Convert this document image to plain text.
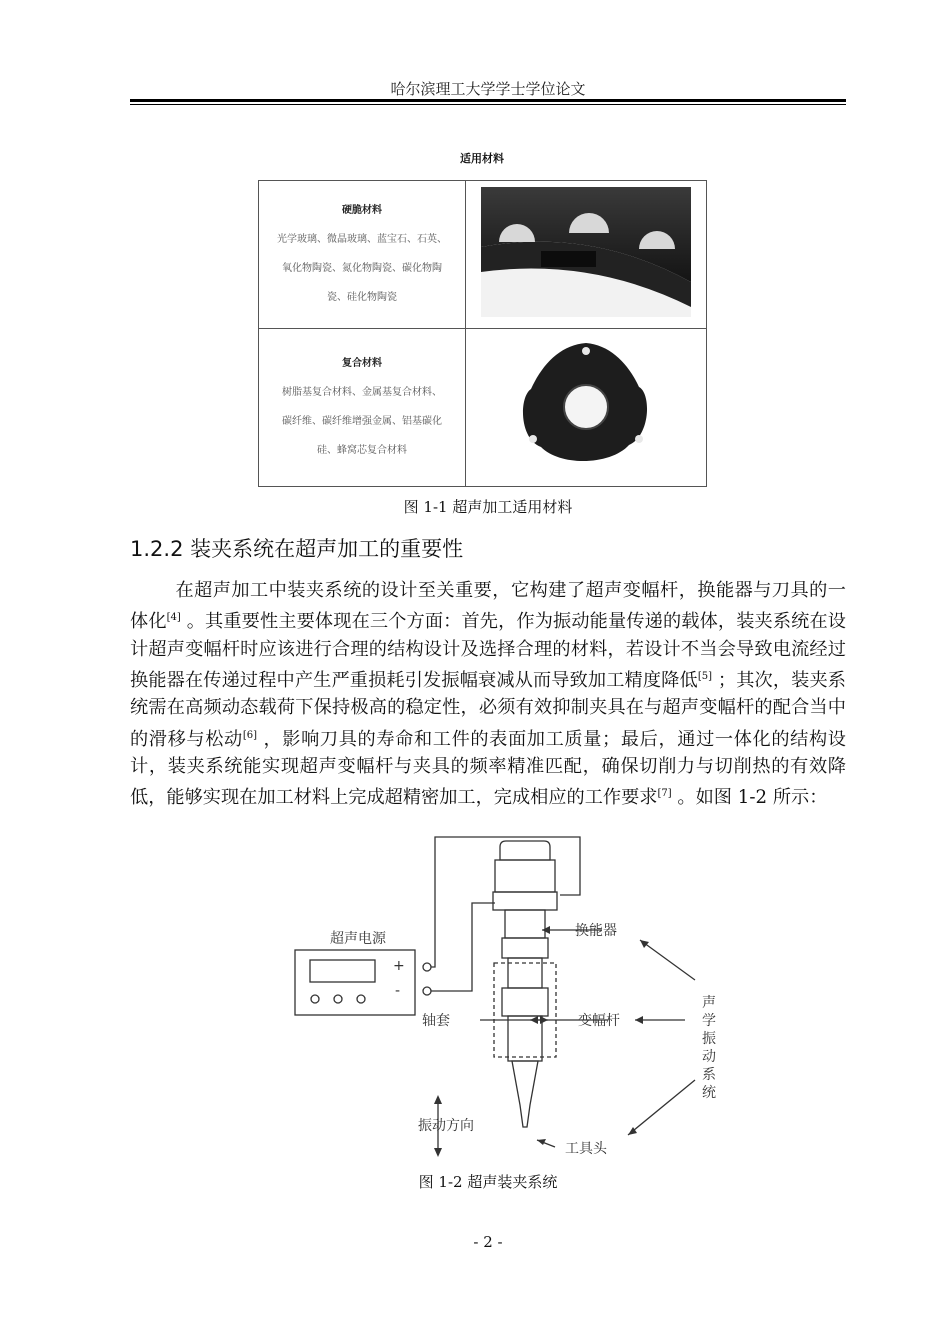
哈尔滨理工大学学士学位论文
适用材料
硬脆材料
光学玻璃、微晶玻璃、蓝宝石、石英、
氧化物陶瓷、氮化物陶瓷、碳化物陶
瓷、硅化物陶瓷

复合材料
树脂基复合材料、金属基复合材料、
碳纤维、碳纤维增强金属、铝基碳化
硅、蜂窝芯复合材料

图 1-1 超声加工适用材料
1.2.2 装夹系统在超声加工的重要性
在超声加工中装夹系统的设计至关重要，它构建了超声变幅杆，换能器与刀具的一体化[4] 。其重要性主要体现在三个方面：首先，作为振动能量传递的载体，装夹系统在设计超声变幅杆时应该进行合理的结构设计及选择合理的材料，若设计不当会导致电流经过换能器在传递过程中产生严重损耗引发振幅衰减从而导致加工精度降低[5] ；其次，装夹系统需在高频动态载荷下保持极高的稳定性，必须有效抑制夹具在与超声变幅杆的配合当中的滑移与松动[6] ，影响刀具的寿命和工件的表面加工质量；最后，通过一体化的结构设计，装夹系统能实现超声变幅杆与夹具的频率精准匹配，确保切削力与切削热的有效降低，能够实现在加工材料上完成超精密加工，完成相应的工作要求[7] 。如图 1-2 所示：
超声电源
+
-
换能器
变幅杆
轴套
振动方向
工具头
声
学
振
动
系
统
图 1-2 超声装夹系统
- 2 -
